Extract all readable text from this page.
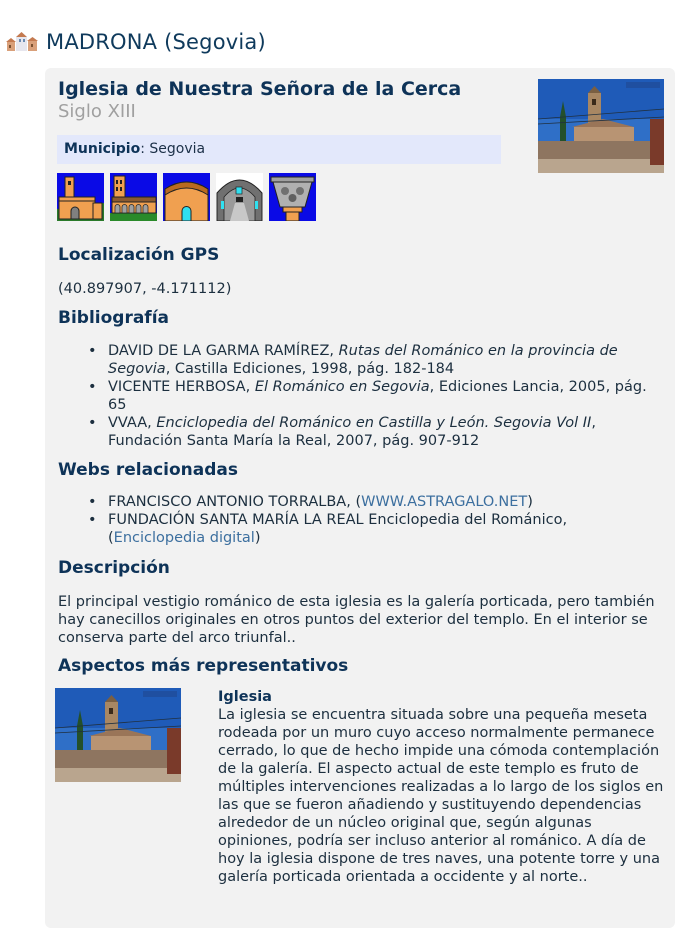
MADRONA (Segovia)
Iglesia de Nuestra Señora de la Cerca
Siglo XIII
Municipio: Segovia
Localización GPS

(40.897907, -4.171112)

Bibliografía
• DAVID DE LA GARMA RAMÍREZ, Rutas del Románico en la provincia de Segovia, Castilla Ediciones, 1998, pág. 182-184
• VICENTE HERBOSA, El Románico en Segovia, Ediciones Lancia, 2005, pág. 65
• VVAA, Enciclopedia del Románico en Castilla y León. Segovia Vol II, Fundación Santa María la Real, 2007, pág. 907-912
Webs relacionadas
• FRANCISCO ANTONIO TORRALBA, (WWW.ASTRAGALO.NET)
• FUNDACIÓN SANTA MARÍA LA REAL Enciclopedia del Románico, (Enciclopedia digital)
Descripción

El principal vestigio románico de esta iglesia es la galería porticada, pero también hay canecillos originales en otros puntos del exterior del templo. En el interior se conserva parte del arco triunfal..

Aspectos más representativos
Iglesia
La iglesia se encuentra situada sobre una pequeña meseta rodeada por un muro cuyo acceso normalmente permanece cerrado, lo que de hecho impide una cómoda contemplación de la galería. El aspecto actual de este templo es fruto de múltiples intervenciones realizadas a lo largo de los siglos en las que se fueron añadiendo y sustituyendo dependencias alrededor de un núcleo original que, según algunas opiniones, podría ser incluso anterior al románico. A día de hoy la iglesia dispone de tres naves, una potente torre y una galería porticada orientada a occidente y al norte..
